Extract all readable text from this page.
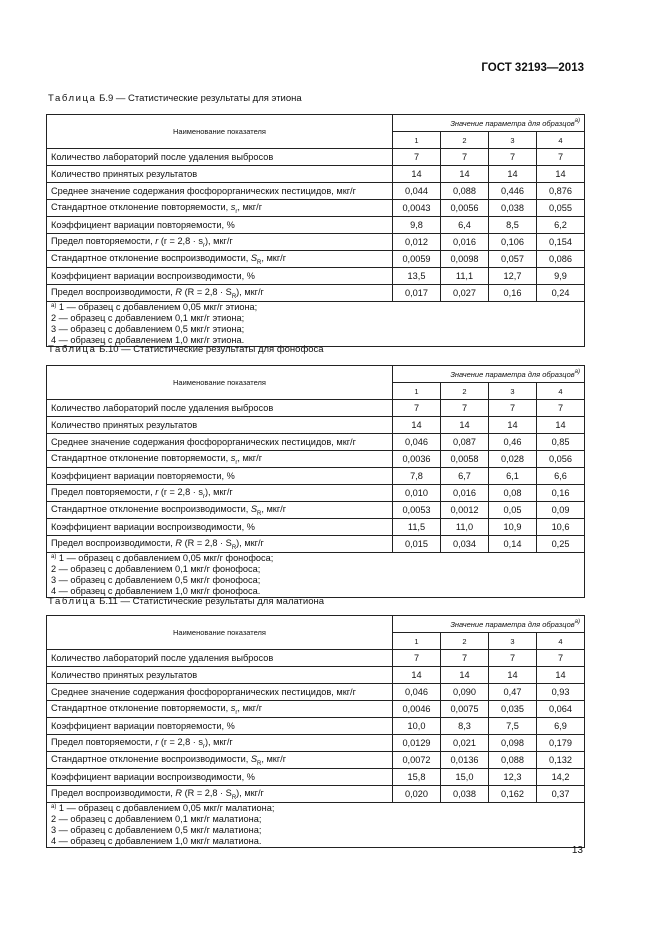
ГОСТ 32193—2013
Таблица Б.9 — Статистические результаты для этиона
Наименование показателя	Значение параметра для образцов$^{а)}$
	1	2	3	4
Количество лабораторий после удаления выбросов	7	7	7	7
Количество принятых результатов	14	14	14	14
Среднее значение содержания фосфорорганических пестицидов, мкг/г	0,044	0,088	0,446	0,876
Стандартное отклонение повторяемости, $s_r$, мкг/г	0,0043	0,0056	0,038	0,055
Коэффициент вариации повторяемости, %	9,8	6,4	8,5	6,2
Предел повторяемости, r $(r = 2,8 \cdot s_r)$, мкг/г	0,012	0,016	0,106	0,154
Стандартное отклонение воспроизводимости, $S_R$, мкг/г	0,0059	0,0098	0,057	0,086
Коэффициент вариации воспроизводимости, %	13,5	11,1	12,7	9,9
Предел воспроизводимости, R $(R = 2,8 \cdot S_R)$, мкг/г	0,017	0,027	0,16	0,24

$^{а)}$ 1 — образец с добавлением 0,05 мкг/г этиона;
2 — образец с добавлением 0,1 мкг/г этиона;
3 — образец с добавлением 0,5 мкг/г этиона;
4 — образец с добавлением 1,0 мкг/г этиона.				
Таблица Б.10 — Статистические результаты для фонофоса
Наименование показателя	Значение параметра для образцов$^{а)}$
	1	2	3	4
Количество лабораторий после удаления выбросов	7	7	7	7
Количество принятых результатов	14	14	14	14
Среднее значение содержания фосфорорганических пестицидов, мкг/г	0,046	0,087	0,46	0,85
Стандартное отклонение повторяемости, $s_r$, мкг/г	0,0036	0,0058	0,028	0,056
Коэффициент вариации повторяемости, %	7,8	6,7	6,1	6,6
Предел повторяемости, r $(r = 2,8 \cdot s_r)$, мкг/г	0,010	0,016	0,08	0,16
Стандартное отклонение воспроизводимости, $S_R$, мкг/г	0,0053	0,0012	0,05	0,09
Коэффициент вариации воспроизводимости, %	11,5	11,0	10,9	10,6
Предел воспроизводимости, R $(R = 2,8 \cdot S_R)$, мкг/г	0,015	0,034	0,14	0,25

$^{а)}$ 1 — образец с добавлением 0,05 мкг/г фонофоса;
2 — образец с добавлением 0,1 мкг/г фонофоса;
3 — образец с добавлением 0,5 мкг/г фонофоса;
4 — образец с добавлением 1,0 мкг/г фонофоса.				
Таблица Б.11 — Статистические результаты для малатиона
Наименование показателя	Значение параметра для образцов$^{а)}$
	1	2	3	4
Количество лабораторий после удаления выбросов	7	7	7	7
Количество принятых результатов	14	14	14	14
Среднее значение содержания фосфорорганических пестицидов, мкг/г	0,046	0,090	0,47	0,93
Стандартное отклонение повторяемости, $s_r$, мкг/г	0,0046	0,0075	0,035	0,064
Коэффициент вариации повторяемости, %	10,0	8,3	7,5	6,9
Предел повторяемости, r $(r = 2,8 \cdot s_r)$, мкг/г	0,0129	0,021	0,098	0,179
Стандартное отклонение воспроизводимости, $S_R$, мкг/г	0,0072	0,0136	0,088	0,132
Коэффициент вариации воспроизводимости, %	15,8	15,0	12,3	14,2
Предел воспроизводимости, R $(R = 2,8 \cdot S_R)$, мкг/г	0,020	0,038	0,162	0,37

$^{а)}$ 1 — образец с добавлением 0,05 мкг/г малатиона;
2 — образец с добавлением 0,1 мкг/г малатиона;
3 — образец с добавлением 0,5 мкг/г малатиона;
4 — образец с добавлением 1,0 мкг/г малатиона.				
13
